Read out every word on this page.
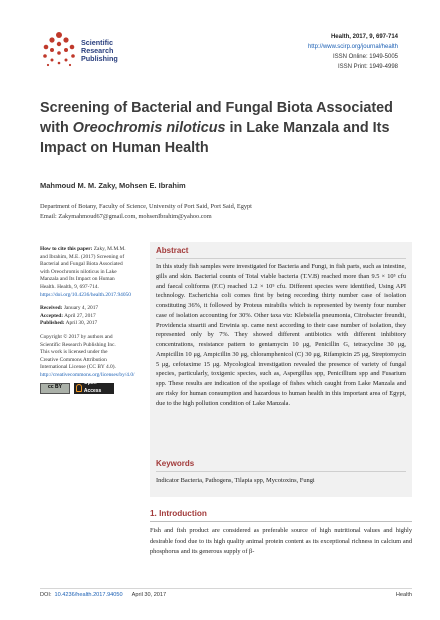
Scientific
Research
Publishing
Health, 2017, 9, 697-714
http://www.scirp.org/journal/health
ISSN Online: 1949-5005
ISSN Print: 1949-4998
Screening of Bacterial and Fungal Biota Associated with Oreochromis niloticus in Lake Manzala and Its Impact on Human Health
Mahmoud M. M. Zaky, Mohsen E. Ibrahim
Department of Botany, Faculty of Science, University of Port Said, Port Said, Egypt
Email: Zakymahmoud67@gmail.com, mohsenIbrahim@yahoo.com
How to cite this paper: Zaky, M.M.M. and Ibrahim, M.E. (2017) Screening of Bacterial and Fungal Biota Associated with Oreochromis niloticus in Lake Manzala and Its Impact on Human Health. Health, 9, 697-714.
https://doi.org/10.4236/health.2017.94050
Received: January 4, 2017
Accepted: April 27, 2017
Published: April 30, 2017
Copyright © 2017 by authors and Scientific Research Publishing Inc. This work is licensed under the Creative Commons Attribution International License (CC BY 4.0).
http://creativecommons.org/licenses/by/4.0/
cc BY
Open Access
Abstract
In this study fish samples were investigated for Bacteria and Fungi, in fish parts, such as intestine, gills and skin. Bacterial counts of Total viable bacteria (T.V.B) reached more than 9.5 × 10⁵ cfu and faecal coliforms (F.C) reached 1.2 × 10⁵ cfu. Different species were identified, Using API technology. Escherichia coli comes first by being recording thirty number case of isolation constituting 36%, it followed by Proteus mirabilis which is represented by twenty four number case of isolation accounting for 30%. Other taxa viz: Klebsiella pneumonia, Citrobacter freundii, Providencia stuartii and Erwinia sp. came next according to their case number of isolation, they represented only by 7%. They showed different antibiotics with different inhibitory concentrations, resistance pattern to gentamycin 10 μg, Penicillin G, tetracycline 30 μg, Ampicillin 10 μg, Ampicillin 30 μg, chloramphenicol (C) 30 μg, Rifampicin 25 μg, Streptomycin 5 μg, cefotaxime 15 μg. Mycological investigation revealed the presence of variety of fungal species, particularly, toxigenic species, such as, Aspergillus spp, Penicillium spp and Fusarium spp. These results are indication of the spoilage of fishes which caught from Lake Manzala and are risky for human consumption and hazardous to human health in this important area of Egypt, due to the high pollution condition of Lake Manzala.
Keywords
Indicator Bacteria, Pathogens, Tilapia spp, Mycotoxins, Fungi
1. Introduction
Fish and fish product are considered as preferable source of high nutritional values and highly desirable food due to its high quality animal protein content as its exceptional richness in calcium and phosphorus and its generous supply of β-
DOI: 10.4236/health.2017.94050 April 30, 2017	Health
